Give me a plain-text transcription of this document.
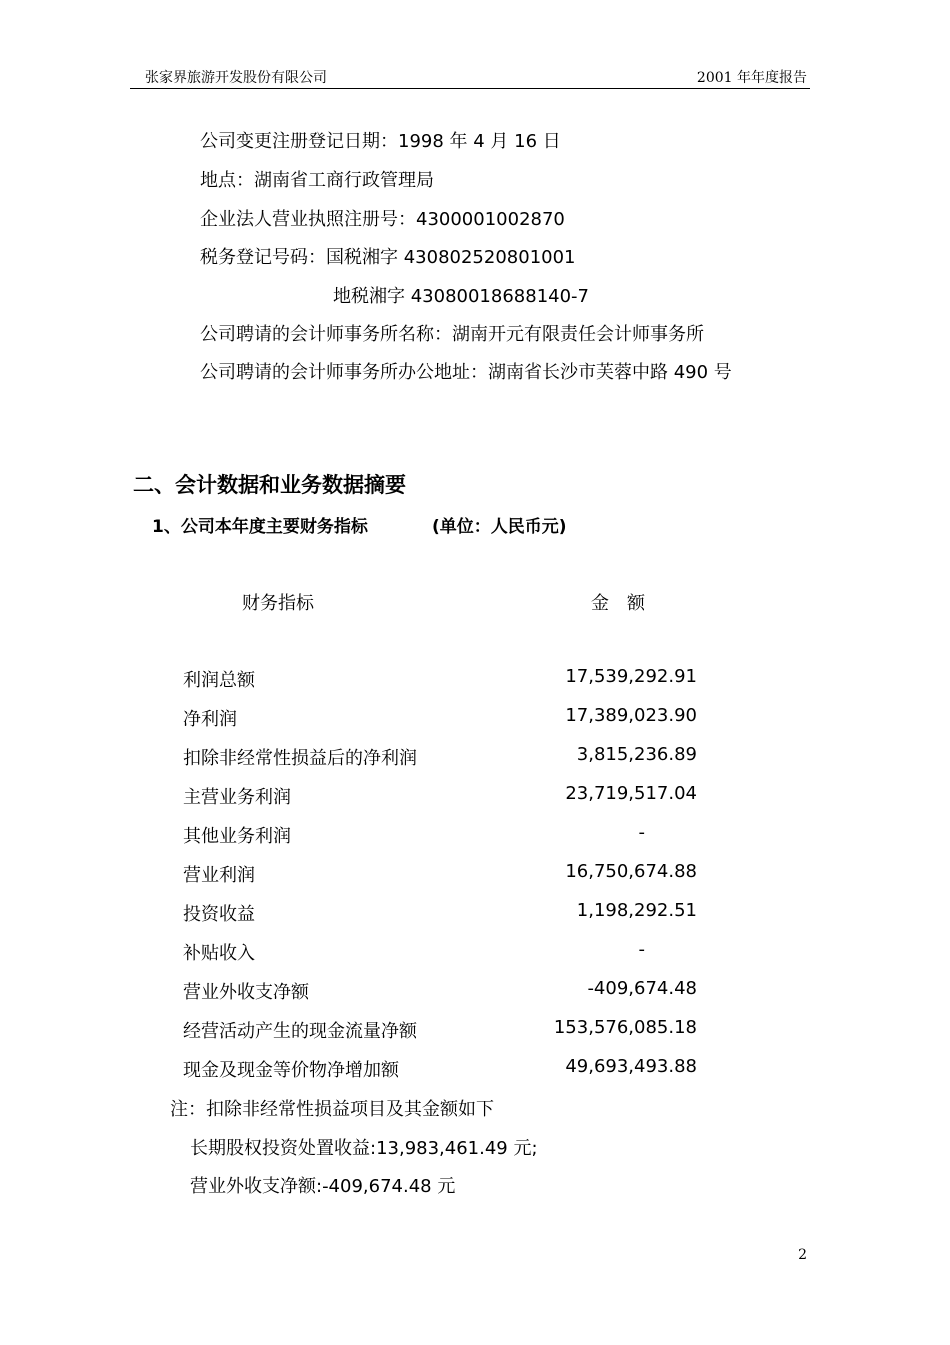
张家界旅游开发股份有限公司	2001 年年度报告
公司变更注册登记日期：1998 年 4 月 16 日
地点：湖南省工商行政管理局
企业法人营业执照注册号：4300001002870
税务登记号码：国税湘字 430802520801001
地税湘字 43080018688140-7
公司聘请的会计师事务所名称：湖南开元有限责任会计师事务所
公司聘请的会计师事务所办公地址：湖南省长沙市芙蓉中路 490 号
二、会计数据和业务数据摘要
1、公司本年度主要财务指标	(单位：人民币元)
财务指标	金　额
利润总额	17,539,292.91
净利润	17,389,023.90
扣除非经常性损益后的净利润	3,815,236.89
主营业务利润	23,719,517.04
其他业务利润	-
营业利润	16,750,674.88
投资收益	1,198,292.51
补贴收入	-
营业外收支净额	-409,674.48
经营活动产生的现金流量净额	153,576,085.18
现金及现金等价物净增加额	49,693,493.88
注：扣除非经常性损益项目及其金额如下
长期股权投资处置收益:13,983,461.49 元;
营业外收支净额:-409,674.48 元
2
